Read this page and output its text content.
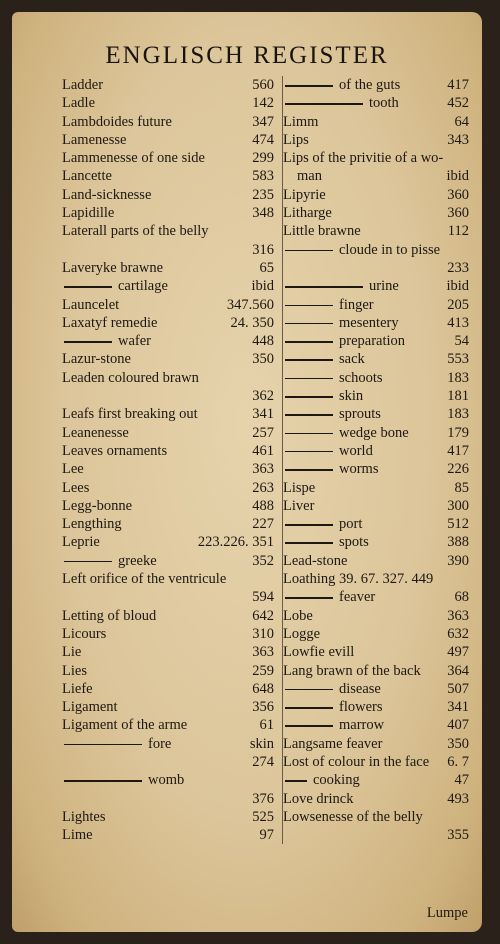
ENGLISCH REGISTER
Ladder	560
Ladle	142
Lambdoides future	347
Lamenesse	474
Lammenesse of one side	299
Lancette	583
Land-sicknesse	235
Lapidille	348
Laterall parts of the belly
316
Laveryke brawne	65
cartilage	ibid
Launcelet	347.560
Laxatyf remedie	24. 350
wafer	448
Lazur-stone	350
Leaden coloured brawn
362
Leafs first breaking out	341
Leanenesse	257
Leaves ornaments	461
Lee	363
Lees	263
Legg-bonne	488
Lengthing	227
Leprie	223.226. 351
greeke	352
Left orifice of the ventricule
594
Letting of bloud	642
Licours	310
Lie	363
Lies	259
Liefe	648
Ligament	356
Ligament of the arme	61
fore	skin
274
womb
376
Lightes	525
Lime	97
of the guts	417
tooth	452
Limm	64
Lips	343
Lips of the privitie of a wo-
man	ibid
Lipyrie	360
Litharge	360
Little brawne	112
cloude in to pisse
233
urine	ibid
finger	205
mesentery	413
preparation	54
sack	553
schoots	183
skin	181
sprouts	183
wedge bone	179
world	417
worms	226
Lispe	85
Liver	300
port	512
spots	388
Lead-stone	390
Loathing 39. 67. 327. 449
feaver	68
Lobe	363
Logge	632
Lowfie evill	497
Lang brawn of the back 364
disease	507
flowers	341
marrow	407
Langsame feaver	350
Lost of colour in the face 6. 7
cooking	47
Love drinck	493
Lowsenesse of the belly
355
Lumpe
